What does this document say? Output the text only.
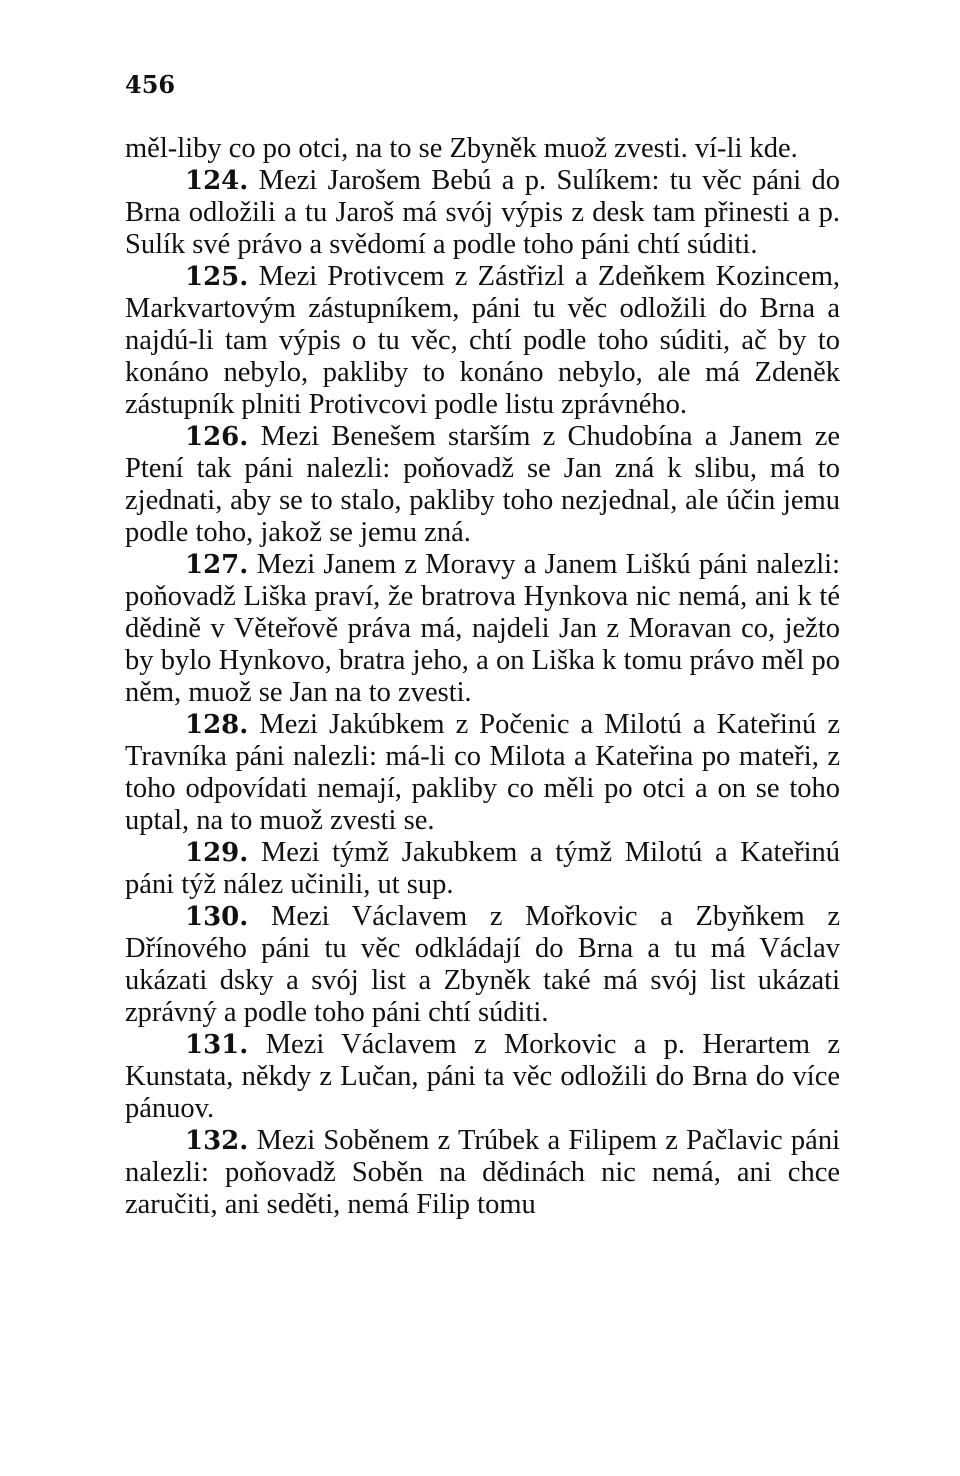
456

měl-liby co po otci, na to se Zbyněk muož zvesti. ví-li kde.

124. Mezi Jarošem Bebú a p. Sulíkem: tu věc páni do Brna odložili a tu Jaroš má svój výpis z desk tam přinesti a p. Sulík své právo a svědomí a podle toho páni chtí súditi.

125. Mezi Protivcem z Zástřizl a Zdeňkem Kozincem, Markvartovým zástupníkem, páni tu věc odložili do Brna a najdú-li tam výpis o tu věc, chtí podle toho súditi, ač by to konáno nebylo, pakliby to konáno nebylo, ale má Zdeněk zástupník plniti Protivcovi podle listu zprávného.

126. Mezi Benešem starším z Chudobína a Janem ze Ptení tak páni nalezli: poňovadž se Jan zná k slibu, má to zjednati, aby se to stalo, pakliby toho nezjednal, ale účin jemu podle toho, jakož se jemu zná.

127. Mezi Janem z Moravy a Janem Liškú páni nalezli: poňovadž Liška praví, že bratrova Hynkova nic nemá, ani k té dědině v Věteřově práva má, najdeli Jan z Moravan co, ježto by bylo Hynkovo, bratra jeho, a on Liška k tomu právo měl po něm, muož se Jan na to zvesti.

128. Mezi Jakúbkem z Počenic a Milotú a Kateřinú z Travníka páni nalezli: má-li co Milota a Kateřina po mateři, z toho odpovídati nemají, pakliby co měli po otci a on se toho uptal, na to muož zvesti se.

129. Mezi týmž Jakubkem a týmž Milotú a Kateřinú páni týž nález učinili, ut sup.

130. Mezi Václavem z Mořkovic a Zbyňkem z Dřínového páni tu věc odkládají do Brna a tu má Václav ukázati dsky a svój list a Zbyněk také má svój list ukázati zprávný a podle toho páni chtí súditi.

131. Mezi Václavem z Morkovic a p. Herartem z Kunstata, někdy z Lučan, páni ta věc odložili do Brna do více pánuov.

132. Mezi Soběnem z Trúbek a Filipem z Pačlavic páni nalezli: poňovadž Soběn na dědinách nic nemá, ani chce zaručiti, ani seděti, nemá Filip tomu
